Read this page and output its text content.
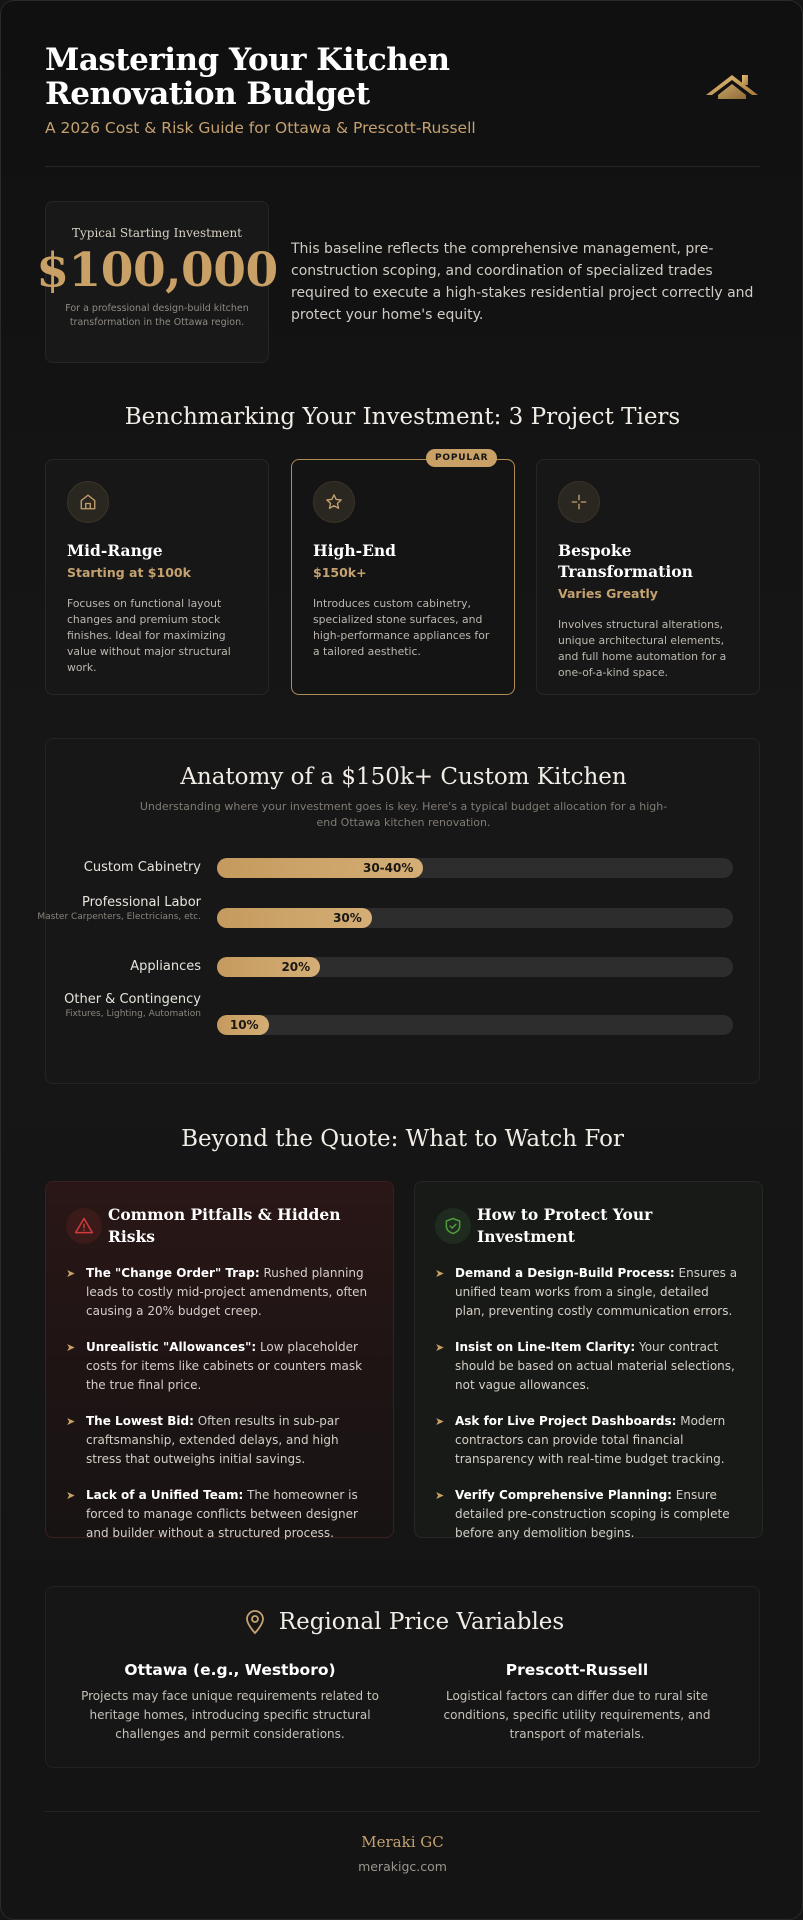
Mastering Your Kitchen Renovation Budget
A 2026 Cost & Risk Guide for Ottawa & Prescott-Russell
Typical Starting Investment
$100,000
For a professional design-build kitchen transformation in the Ottawa region.
This baseline reflects the comprehensive management, pre-construction scoping, and coordination of specialized trades required to execute a high-stakes residential project correctly and protect your home's equity.
Benchmarking Your Investment: 3 Project Tiers
Mid-Range
Starting at $100k
Focuses on functional layout changes and premium stock finishes. Ideal for maximizing value without major structural work.
POPULAR
High-End
$150k+
Introduces custom cabinetry, specialized stone surfaces, and high-performance appliances for a tailored aesthetic.
Bespoke Transformation
Varies Greatly
Involves structural alterations, unique architectural elements, and full home automation for a one-of-a-kind space.
Anatomy of a $150k+ Custom Kitchen
Understanding where your investment goes is key. Here's a typical budget allocation for a high-end Ottawa kitchen renovation.
Custom Cabinetry	30-40%
Professional Labor
Master Carpenters, Electricians, etc.	30%
Appliances	20%
Other & Contingency
Fixtures, Lighting, Automation
10%
Beyond the Quote: What to Watch For
Common Pitfalls & Hidden Risks
➤ The "Change Order" Trap: Rushed planning leads to costly mid-project amendments, often causing a 20% budget creep.
➤ Unrealistic "Allowances": Low placeholder costs for items like cabinets or counters mask the true final price.
➤ The Lowest Bid: Often results in sub-par craftsmanship, extended delays, and high stress that outweighs initial savings.
➤ Lack of a Unified Team: The homeowner is forced to manage conflicts between designer and builder without a structured process.
How to Protect Your Investment
➤ Demand a Design-Build Process: Ensures a unified team works from a single, detailed plan, preventing costly communication errors.
➤ Insist on Line-Item Clarity: Your contract should be based on actual material selections, not vague allowances.
➤ Ask for Live Project Dashboards: Modern contractors can provide total financial transparency with real-time budget tracking.
➤ Verify Comprehensive Planning: Ensure detailed pre-construction scoping is complete before any demolition begins.
Regional Price Variables
Ottawa (e.g., Westboro)
Projects may face unique requirements related to heritage homes, introducing specific structural challenges and permit considerations.
Prescott-Russell
Logistical factors can differ due to rural site conditions, specific utility requirements, and transport of materials.
Meraki GC
merakigc.com
